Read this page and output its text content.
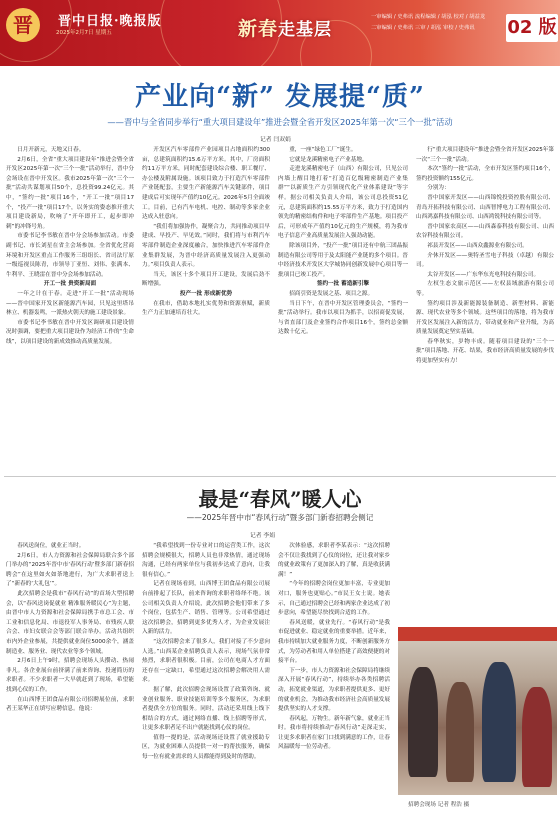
晋	晋中日报·晚报版
2025年2月7日 星期五	新春走基层
一审编辑 / 史弗讯 流程编辑 / 胡泓 校对 / 胡益龙
二审编辑 / 史弗讯 三审 / 胡泓 审校 / 史弗讯	02 版
产业向“新” 发展提“质”
——晋中与全省同步举行“重大项目建设年”推进会暨全省开发区2025年第一次“三个一批”活动
记者 闫双娟

日月开新元，天地又日春。

2月6日，全省“重大项目建设年”推进会暨全省开发区2025年第一次“三个一批”活动举行，晋中分会场设在晋中开发区。我市2025年第一次“三个一批”活动共谋划项目50个，总投资99.24亿元。其中，“签约一批”项目16个，“开工一批”项目17个，“投产一批”项目17个，以务实的姿态推开重大项目建设新局，吹响了“开年即开工，起步即冲刺”的冲锋号角。

市委书记李书敏在晋中分会场参加活动。市委副书记、市长刘星在省主会场参加。全省优化营商环境和开发区重点工作服务三组组长、省司法厅原一级巡视员陈青，市领导丁亚恒、刘伟、张满本、牛利平、王晓雷在晋中分会场参加活动。

开工一批 贵资新局面

一年之计在于春。走进“开工一批”活动现场——晋中国家开发区新能源汽车园，只见这里塔吊林立、机器轰鸣，一派热火朝天的施工建设景象。

市委书记李书敏在晋中开发区调研项目建设情况时强调，要把重大项目建设作为经济工作的“生命线”，以项目建设的新成效推动高质量发展。

开发区汽车零部件产业园项目占地面积约300亩，总建筑面积约15.6万平方米。其中，厂房面积约11万平方米，同时配套建设综合楼、职工餐厅、办公楼及附属设施。该项目致力于打造汽车零部件产业链配套，主要生产新能源汽车关键部件，项目建成后可实现年产值约10亿元。2026年5月全面竣工。目前，已有汽车电机、电控、制动等多家企业达成入驻意向。

“我们将加强协作，凝聚合力，共同推动项目早建成、早投产、早见效。”同时，我们将与市利汽车零部件制造企业深度融合，加快推进汽车零部件企业集群发展，为晋中经济高质量发展注入更强动力。”项目负责人表示。

当天，该区十多个项目开工建设，发展后劲不断增强。

投产一批 形成新优势

在我市，借助本地扎实优势和资源禀赋，新质生产力正加速培育壮大。

重，一座“绿色工厂”诞生。

它就是龙溪精密电子产业基地。

走进龙溪精密电子（山西）有限公司，只见公司内墙上醒目地打着“打造百亿级精密制造产业集群”“以新质生产力引领现代化产业体系建设”等字样。据公司相关负责人介绍，该公司总投资51亿元，总建筑面积约15.55万平方米，致力于打造国内领先的精密结构件和电子零部件生产基地。项目投产后，可形成年产值约10亿元的生产规模，将为我市电子信息产业高质量发展注入强劲动能。

除该项目外，“投产一批”项目还有中航三团晶振制造有限公司等用于及太阳能产业链的多个项目。晋中经济技术开发区大学城协同创新发展中心项目等一批项目已竣工投产。

签约一批 蓄造新引擎

招商引资是发展之基、项目之源。

当日下午，在晋中开发区管理委员会，“签约一批”活动举行。我市以项目为抓手，以招商促发展，与省直部门及企业签约合作项目16个，签约总金额达数十亿元。

行“重大项目建设年”推进会暨全省开发区2025年第一次“三个一批”活动。

本次“签约一批”活动，全市开发区签约项目16个，签约投资额约155亿元。

分别为：

晋中国家开发区——山西锦悦投资控股有限公司、青岛开拓科技有限公司、山西智博电力工程有限公司、山西鸿嘉科技有限公司、山西鸿锐科技有限公司等。

晋中国家农高区——山西森泰科技有限公司、山西农谷科技有限公司。

祁县开发区——山西众鑫源业有限公司。

介休开发区——奥特圣雪电子科技（卓越）有限公司。

太谷开发区——广东华东光电科技有限公司。

左权生态文旅示范区——左权县域旅游有限公司等。

签约项目涉及新能源装备制造、新型材料、新能源、现代农业等多个领域。这些项目的落地，将为我市开发区发展注入新的活力，带动就业和产业升级，为高质量发展奠定坚实基础。

春华秋实，岁物丰成。随着项目建设的“三个一批”项目落地、开花、结果，我市经济高质量发展的步伐将更加坚实有力！

最是“春风”暖人心
——2025年晋中市“春风行动”暨多部门新春招聘会侧记
记者 李娟

春风送岗位，就业正当时。

2月6日，市人力资源和社会保障局联合多个部门举办的“2025年晋中市‘春风行动’暨多部门新春招聘会”在这里如火如荼地进行，为广大求职者送上了“新春的‘大礼包’”。

此次招聘会是我市“春风行动”的首场大型招聘会，以“春风送岗促就业 精准服务暖民心”为主题，由晋中市人力资源和社会保障局携手市总工会、市工业和信息化局、市退役军人事务局、市残疾人联合会、市妇女联合会等部门联合举办。活动共组织市内外企业参展，共提供就业岗位5000余个，涵盖制造业、服务业、现代农业等多个领域。

2月6日上午9时，招聘会现场人头攒动、热闹非凡。各企业展台前挤满了前来咨询、投递简历的求职者。不少求职者一大早就赶到了现场，希望能找到心仪的工作。

在山西博王团食品有限公司招聘展位前，求职者王某华正在填写应聘信息。他说：

“我希望找到一份专业对口的运营类工作，这次招聘会规模很大，招聘人员也非常热情，通过现场沟通，已经有两家单位与我初步达成了意向，让我很有信心。”

记者在现场看到，山西博王团食品有限公司展台前排起了长队，前来咨询的求职者络绎不绝。该公司相关负责人介绍说，此次招聘会他们带来了多个岗位，包括生产、销售、管理等。公司希望通过这次招聘会，招聘到更多优秀人才，为企业发展注入新的活力。

“这次招聘会来了很多人，我们对接了不少意向人选。”山西某企业招聘负责人表示，现场气氛非常热烈，求职者很积极。目前，公司在电商人才方面还存在一定缺口，希望通过这次招聘会解决用人需求。

据了解，此次招聘会现场设置了政策咨询、就业创业服务、职业技能培训等多个服务区，为求职者提供全方位的服务。同时，活动还采用线上线下相结合的方式，通过网络直播、线上招聘等形式，让更多求职者足不出户就能找到心仪的岗位。

值得一提的是，活动现场还设置了就业援助专区，为就业困难人员提供一对一的帮扶服务，确保每一位有就业需求的人员都能得到及时的帮助。

次体验感，求职者李某表示：“这次招聘会不仅让我找到了心仪的岗位，还让我对家乡的就业政策有了更加深入的了解，真是收获满满！”

“今年的招聘会岗位更加丰富，专业更加对口，服务也更贴心。”市民王女士说。她表示，自己通过招聘会已经和两家企业达成了初步意向，希望能尽快找到合适的工作。

春风送暖，就业先行。“春风行动”是我市促进就业、稳定就业的重要举措。近年来，我市持续加大就业服务力度，不断创新服务方式，为劳动者和用人单位搭建了高效便捷的对接平台。

下一步，市人力资源和社会保障局将继续深入开展“春风行动”，持续举办各类招聘活动，拓宽就业渠道，为求职者提供更多、更好的就业机会，为推动我市经济社会高质量发展提供坚实的人才支撑。

春风起，万物生。新年新气象，就业正当时。我市将持续推动“春风行动”走深走实，让更多求职者在家门口找到满意的工作，让春风温暖每一位劳动者。

招聘会现场 记者 程浩 摄
